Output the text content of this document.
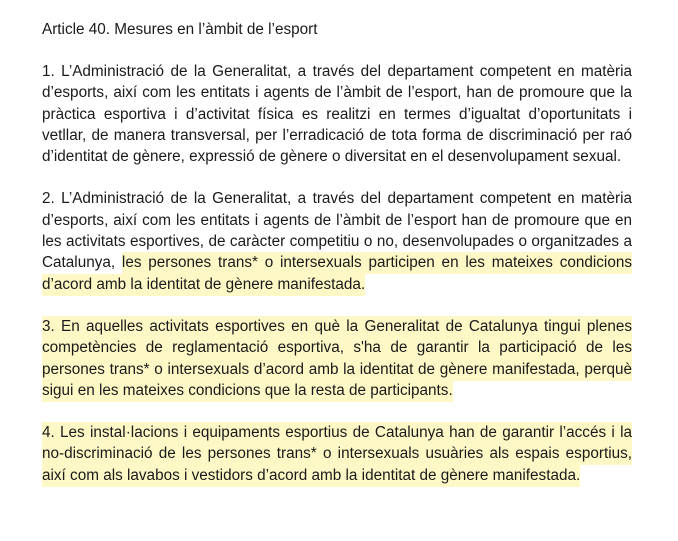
Article 40. Mesures en l’àmbit de l’esport

1. L’Administració de la Generalitat, a través del departament competent en matèria d’esports, així com les entitats i agents de l’àmbit de l’esport, han de promoure que la pràctica esportiva i d’activitat física es realitzi en termes d’igualtat d’oportunitats i vetllar, de manera transversal, per l’erradicació de tota forma de discriminació per raó d’identitat de gènere, expressió de gènere o diversitat en el desenvolupament sexual.

2. L’Administració de la Generalitat, a través del departament competent en matèria d’esports, així com les entitats i agents de l’àmbit de l’esport han de promoure que en les activitats esportives, de caràcter competitiu o no, desenvolupades o organitzades a Catalunya, les persones trans* o intersexuals participen en les mateixes condicions d’acord amb la identitat de gènere manifestada.

3. En aquelles activitats esportives en què la Generalitat de Catalunya tingui plenes competències de reglamentació esportiva, s'ha de garantir la participació de les persones trans* o intersexuals d’acord amb la identitat de gènere manifestada, perquè sigui en les mateixes condicions que la resta de participants.

4. Les instal·lacions i equipaments esportius de Catalunya han de garantir l’accés i la no-discriminació de les persones trans* o intersexuals usuàries als espais esportius, així com als lavabos i vestidors d’acord amb la identitat de gènere manifestada.
